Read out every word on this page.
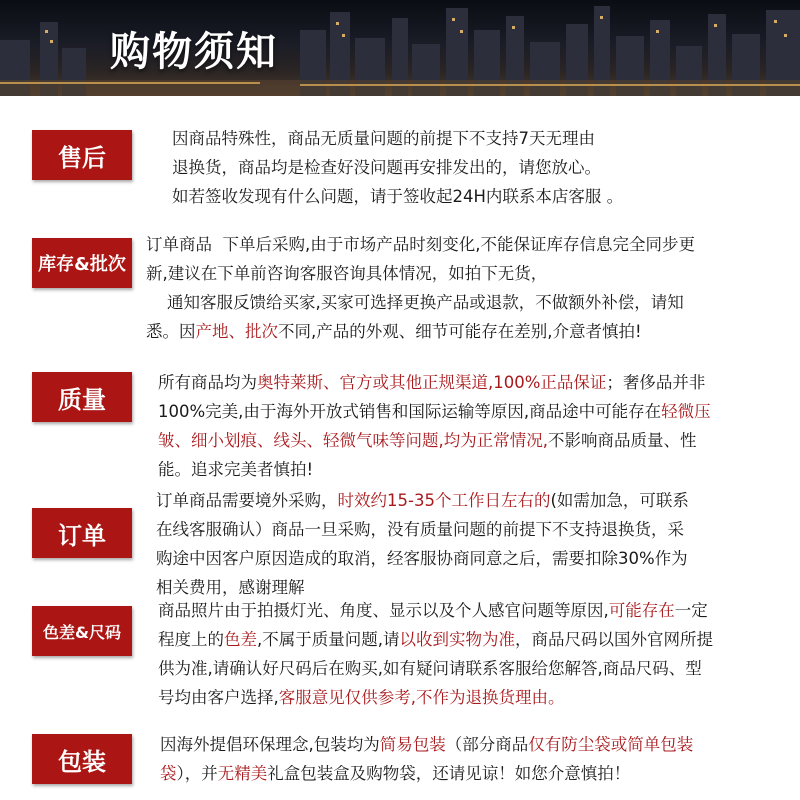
购物须知
售后

因商品特殊性，商品无质量问题的前提下不支持7天无理由
退换货，商品均是检查好没问题再安排发出的，请您放心。
如若签收发现有什么问题，请于签收起24H内联系本店客服 。

库存&批次

订单商品  下单后采购,由于市场产品时刻变化,不能保证库存信息完全同步更
新,建议在下单前咨询客服咨询具体情况，如拍下无货，
通知客服反馈给买家,买家可选择更换产品或退款，不做额外补偿，请知
悉。因产地、批次不同,产品的外观、细节可能存在差别,介意者慎拍!

质量

所有商品均为奥特莱斯、官方或其他正规渠道,100%正品保证；奢侈品并非
100%完美,由于海外开放式销售和国际运输等原因,商品途中可能存在轻微压
皱、细小划痕、线头、轻微气味等问题,均为正常情况,不影响商品质量、性
能。追求完美者慎拍!

订单

订单商品需要境外采购，时效约15-35个工作日左右的(如需加急，可联系
在线客服确认）商品一旦采购，没有质量问题的前提下不支持退换货，采
购途中因客户原因造成的取消，经客服协商同意之后，需要扣除30%作为
相关费用，感谢理解

色差&尺码

商品照片由于拍摄灯光、角度、显示以及个人感官问题等原因,可能存在一定
程度上的色差,不属于质量问题,请以收到实物为准，商品尺码以国外官网所提
供为准,请确认好尺码后在购买,如有疑问请联系客服给您解答,商品尺码、型
号均由客户选择,客服意见仅供参考,不作为退换货理由。

包装

因海外提倡环保理念,包装均为简易包装（部分商品仅有防尘袋或简单包装
袋），并无精美礼盒包装盒及购物袋，还请见谅！如您介意慎拍！
